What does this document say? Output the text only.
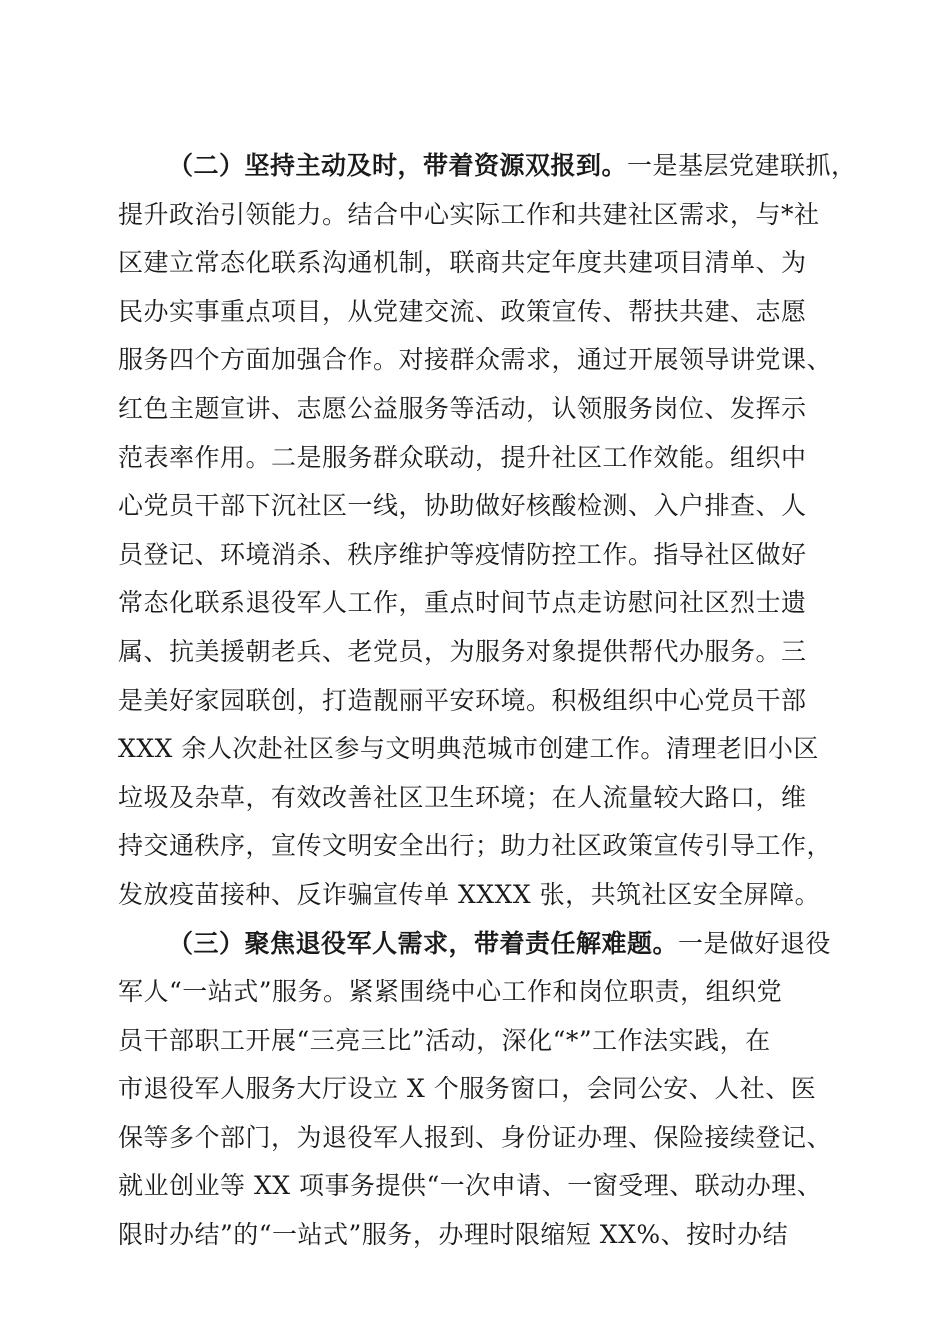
（二）坚持主动及时，带着资源双报到。一是基层党建联抓，
提升政治引领能力。结合中心实际工作和共建社区需求，与*社
区建立常态化联系沟通机制，联商共定年度共建项目清单、为
民办实事重点项目，从党建交流、政策宣传、帮扶共建、志愿
服务四个方面加强合作。对接群众需求，通过开展领导讲党课、
红色主题宣讲、志愿公益服务等活动，认领服务岗位、发挥示
范表率作用。二是服务群众联动，提升社区工作效能。组织中
心党员干部下沉社区一线，协助做好核酸检测、入户排查、人
员登记、环境消杀、秩序维护等疫情防控工作。指导社区做好
常态化联系退役军人工作，重点时间节点走访慰问社区烈士遗
属、抗美援朝老兵、老党员，为服务对象提供帮代办服务。三
是美好家园联创，打造靓丽平安环境。积极组织中心党员干部
XXX 余人次赴社区参与文明典范城市创建工作。清理老旧小区
垃圾及杂草，有效改善社区卫生环境；在人流量较大路口，维
持交通秩序，宣传文明安全出行；助力社区政策宣传引导工作，
发放疫苗接种、反诈骗宣传单 XXXX 张，共筑社区安全屏障。
（三）聚焦退役军人需求，带着责任解难题。一是做好退役
军人“一站式”服务。紧紧围绕中心工作和岗位职责，组织党
员干部职工开展“三亮三比”活动，深化“*”工作法实践，在
市退役军人服务大厅设立 X 个服务窗口，会同公安、人社、医
保等多个部门，为退役军人报到、身份证办理、保险接续登记、
就业创业等 XX 项事务提供“一次申请、一窗受理、联动办理、
限时办结”的“一站式”服务，办理时限缩短 XX%、按时办结
